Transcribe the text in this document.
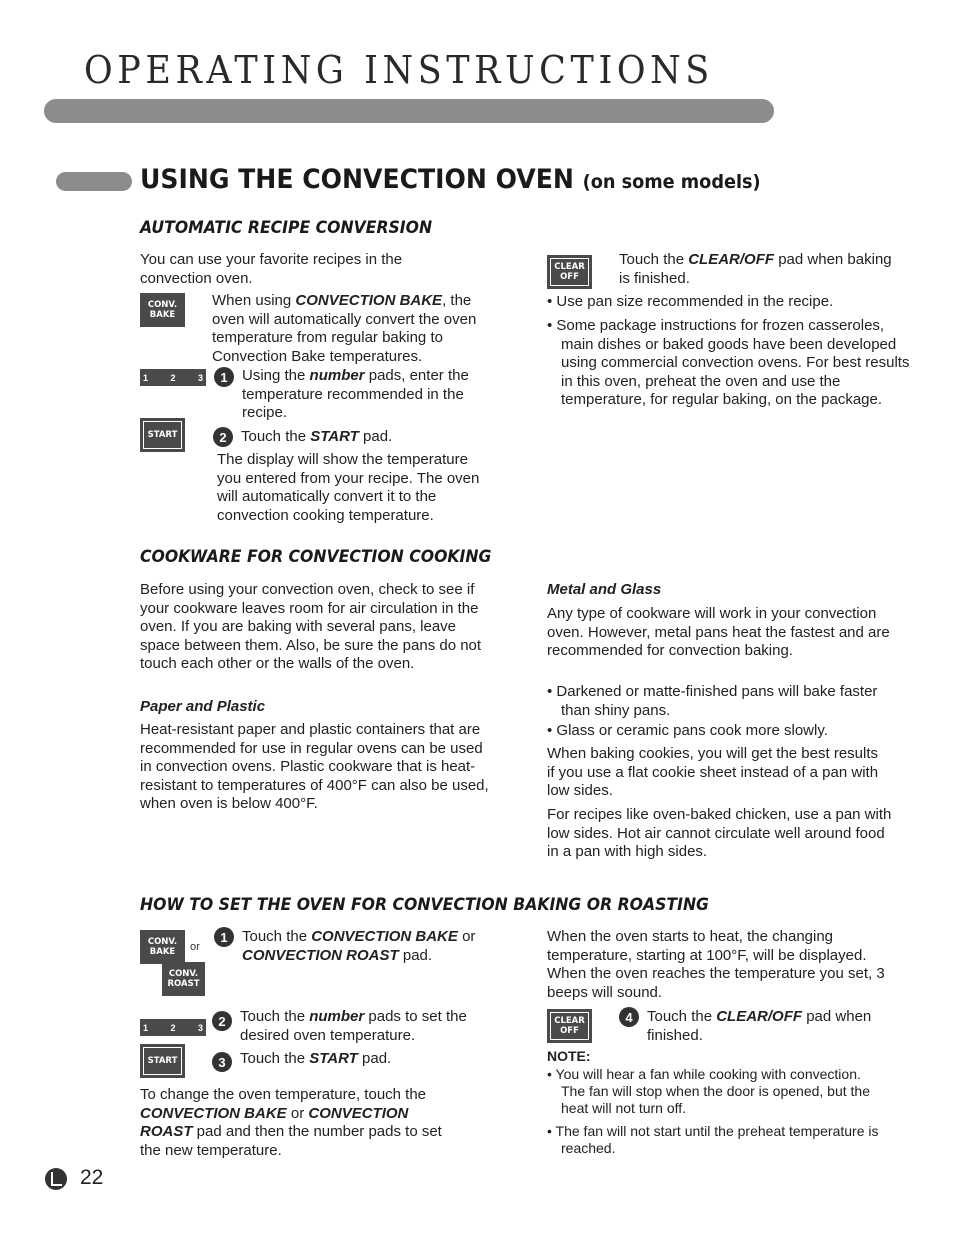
OPERATING INSTRUCTIONS
USING THE CONVECTION OVEN (on some models)
AUTOMATIC RECIPE CONVERSION
You can use your favorite recipes in the convection oven.
CONV.
BAKE
When using CONVECTION BAKE, the oven will automatically convert the oven temperature from regular baking to Convection Bake temperatures.
1 2 3	1 Using the number pads, enter the temperature recommended in the recipe.
START	2 Touch the START pad.
The display will show the temperature you entered from your recipe. The oven will automatically convert it to the convection cooking temperature.
CLEAR
OFF
Touch the CLEAR/OFF pad when baking is finished.
• Use pan size recommended in the recipe.
• Some package instructions for frozen casseroles, main dishes or baked goods have been developed using commercial convection ovens. For best results in this oven, preheat the oven and use the temperature, for regular baking, on the package.
COOKWARE FOR CONVECTION COOKING
Before using your convection oven, check to see if your cookware leaves room for air circulation in the oven. If you are baking with several pans, leave space between them. Also, be sure the pans do not touch each other or the walls of the oven.
Paper and Plastic
Heat-resistant paper and plastic containers that are recommended for use in regular ovens can be used in convection ovens. Plastic cookware that is heat-resistant to temperatures of 400°F can also be used, when oven is below 400°F.
Metal and Glass
Any type of cookware will work in your convection oven. However, metal pans heat the fastest and are recommended for convection baking.
• Darkened or matte-finished pans will bake faster than shiny pans.
• Glass or ceramic pans cook more slowly.
When baking cookies, you will get the best results if you use a flat cookie sheet instead of a pan with low sides.
For recipes like oven-baked chicken, use a pan with low sides. Hot air cannot circulate well around food in a pan with high sides.
HOW TO SET THE OVEN FOR CONVECTION BAKING OR ROASTING
CONV.
BAKE	or
CONV.
ROAST
1 Touch the CONVECTION BAKE or CONVECTION ROAST pad.
1 2 3	2 Touch the number pads to set the desired oven temperature.
START	3 Touch the START pad.
To change the oven temperature, touch the CONVECTION BAKE or CONVECTION ROAST pad and then the number pads to set the new temperature.
When the oven starts to heat, the changing temperature, starting at 100°F, will be displayed. When the oven reaches the temperature you set, 3 beeps will sound.
CLEAR
OFF
4 Touch the CLEAR/OFF pad when finished.
NOTE:
• You will hear a fan while cooking with convection. The fan will stop when the door is opened, but the heat will not turn off.
• The fan will not start until the preheat temperature is reached.
22
